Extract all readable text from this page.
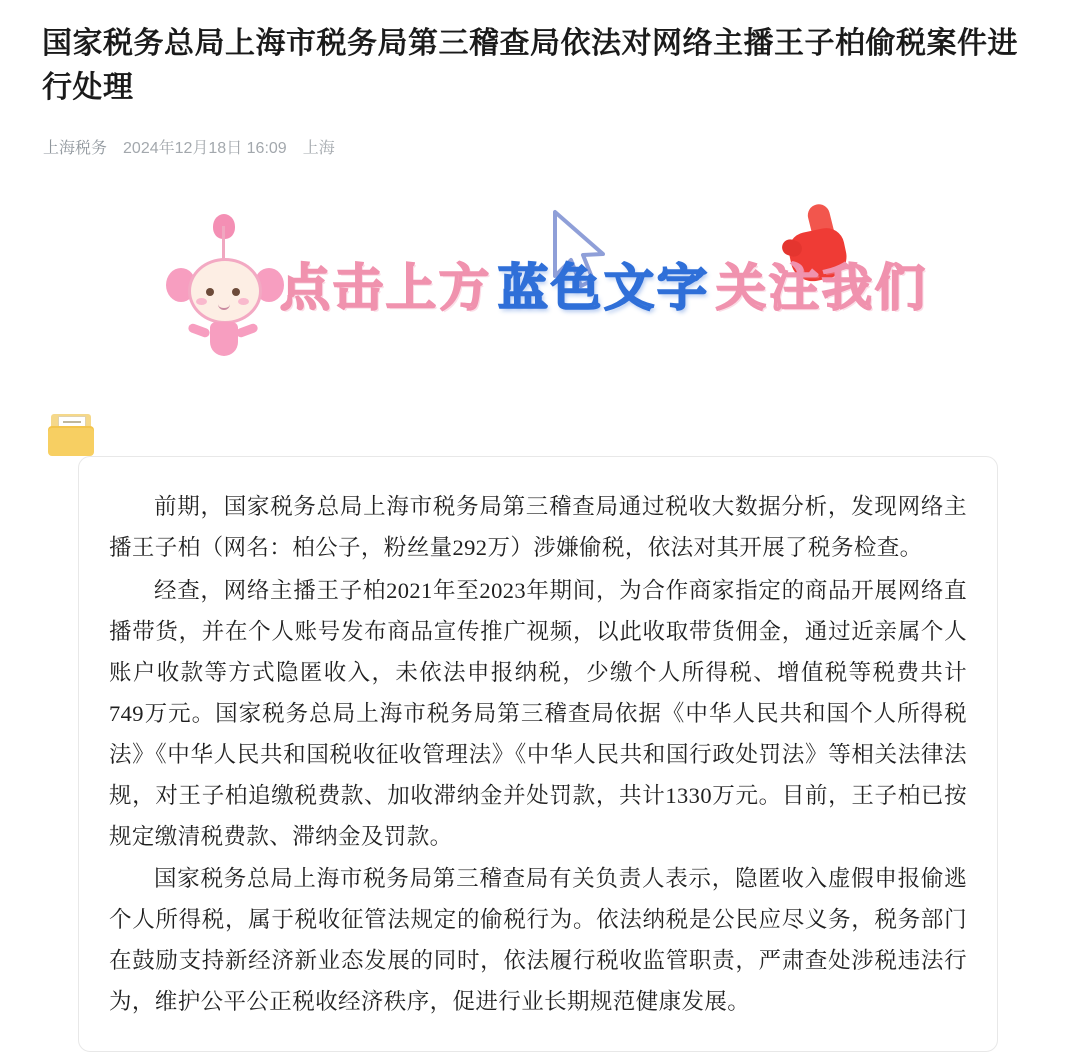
国家税务总局上海市税务局第三稽查局依法对网络主播王子柏偷税案件进行处理
上海税务 2024年12月18日 16:09 上海
点击上方 蓝色文字 关注我们

前期，国家税务总局上海市税务局第三稽查局通过税收大数据分析，发现网络主播王子柏（网名：柏公子，粉丝量292万）涉嫌偷税，依法对其开展了税务检查。

经查，网络主播王子柏2021年至2023年期间，为合作商家指定的商品开展网络直播带货，并在个人账号发布商品宣传推广视频，以此收取带货佣金，通过近亲属个人账户收款等方式隐匿收入，未依法申报纳税，少缴个人所得税、增值税等税费共计749万元。国家税务总局上海市税务局第三稽查局依据《中华人民共和国个人所得税法》《中华人民共和国税收征收管理法》《中华人民共和国行政处罚法》等相关法律法规，对王子柏追缴税费款、加收滞纳金并处罚款，共计1330万元。目前，王子柏已按规定缴清税费款、滞纳金及罚款。

国家税务总局上海市税务局第三稽查局有关负责人表示，隐匿收入虚假申报偷逃个人所得税，属于税收征管法规定的偷税行为。依法纳税是公民应尽义务，税务部门在鼓励支持新经济新业态发展的同时，依法履行税收监管职责，严肃查处涉税违法行为，维护公平公正税收经济秩序，促进行业长期规范健康发展。
